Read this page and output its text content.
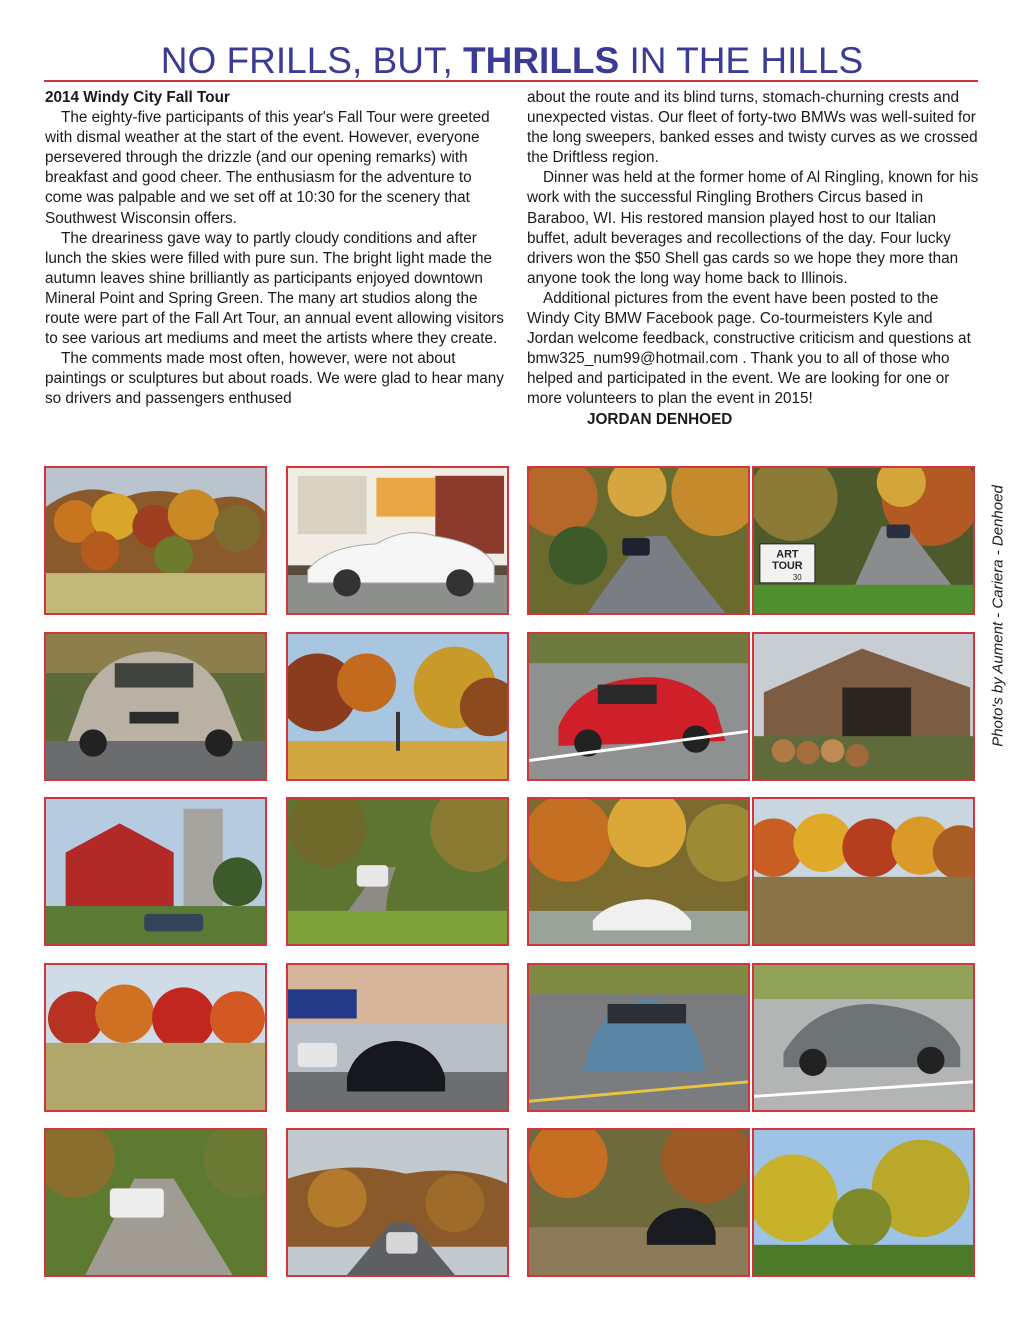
NO FRILLS, BUT, THRILLS IN THE HILLS

2014 Windy City Fall Tour

The eighty-five participants of this year's Fall Tour were greeted with dismal weather at the start of the event. However, everyone persevered through the drizzle (and our opening remarks) with breakfast and good cheer. The enthusiasm for the adventure to come was palpable and we set off at 10:30 for the scenery that Southwest Wisconsin offers.

The dreariness gave way to partly cloudy conditions and after lunch the skies were filled with pure sun. The bright light made the autumn leaves shine brilliantly as participants enjoyed downtown Mineral Point and Spring Green. The many art studios along the route were part of the Fall Art Tour, an annual event allowing visitors to see various art mediums and meet the artists where they create.

The comments made most often, however, were not about paintings or sculptures but about roads. We were glad to hear many so drivers and passengers enthused

about the route and its blind turns, stomach-churning crests and unexpected vistas. Our fleet of forty-two BMWs was well-suited for the long sweepers, banked esses and twisty curves as we crossed the Driftless region.

Dinner was held at the former home of Al Ringling, known for his work with the successful Ringling Brothers Circus based in Baraboo, WI. His restored mansion played host to our Italian buffet, adult beverages and recollections of the day. Four lucky drivers won the $50 Shell gas cards so we hope they more than anyone took the long way home back to Illinois.

Additional pictures from the event have been posted to the Windy City BMW Facebook page. Co-tourmeisters Kyle and Jordan welcome feedback, constructive criticism and questions at bmw325_num99@hotmail.com . Thank you to all of those who helped and participated in the event. We are looking for one or more volunteers to plan the event in 2015!JORDAN DENHOED

ART
TOUR
30	Photo's by Aument - Cariera - Denhoed
